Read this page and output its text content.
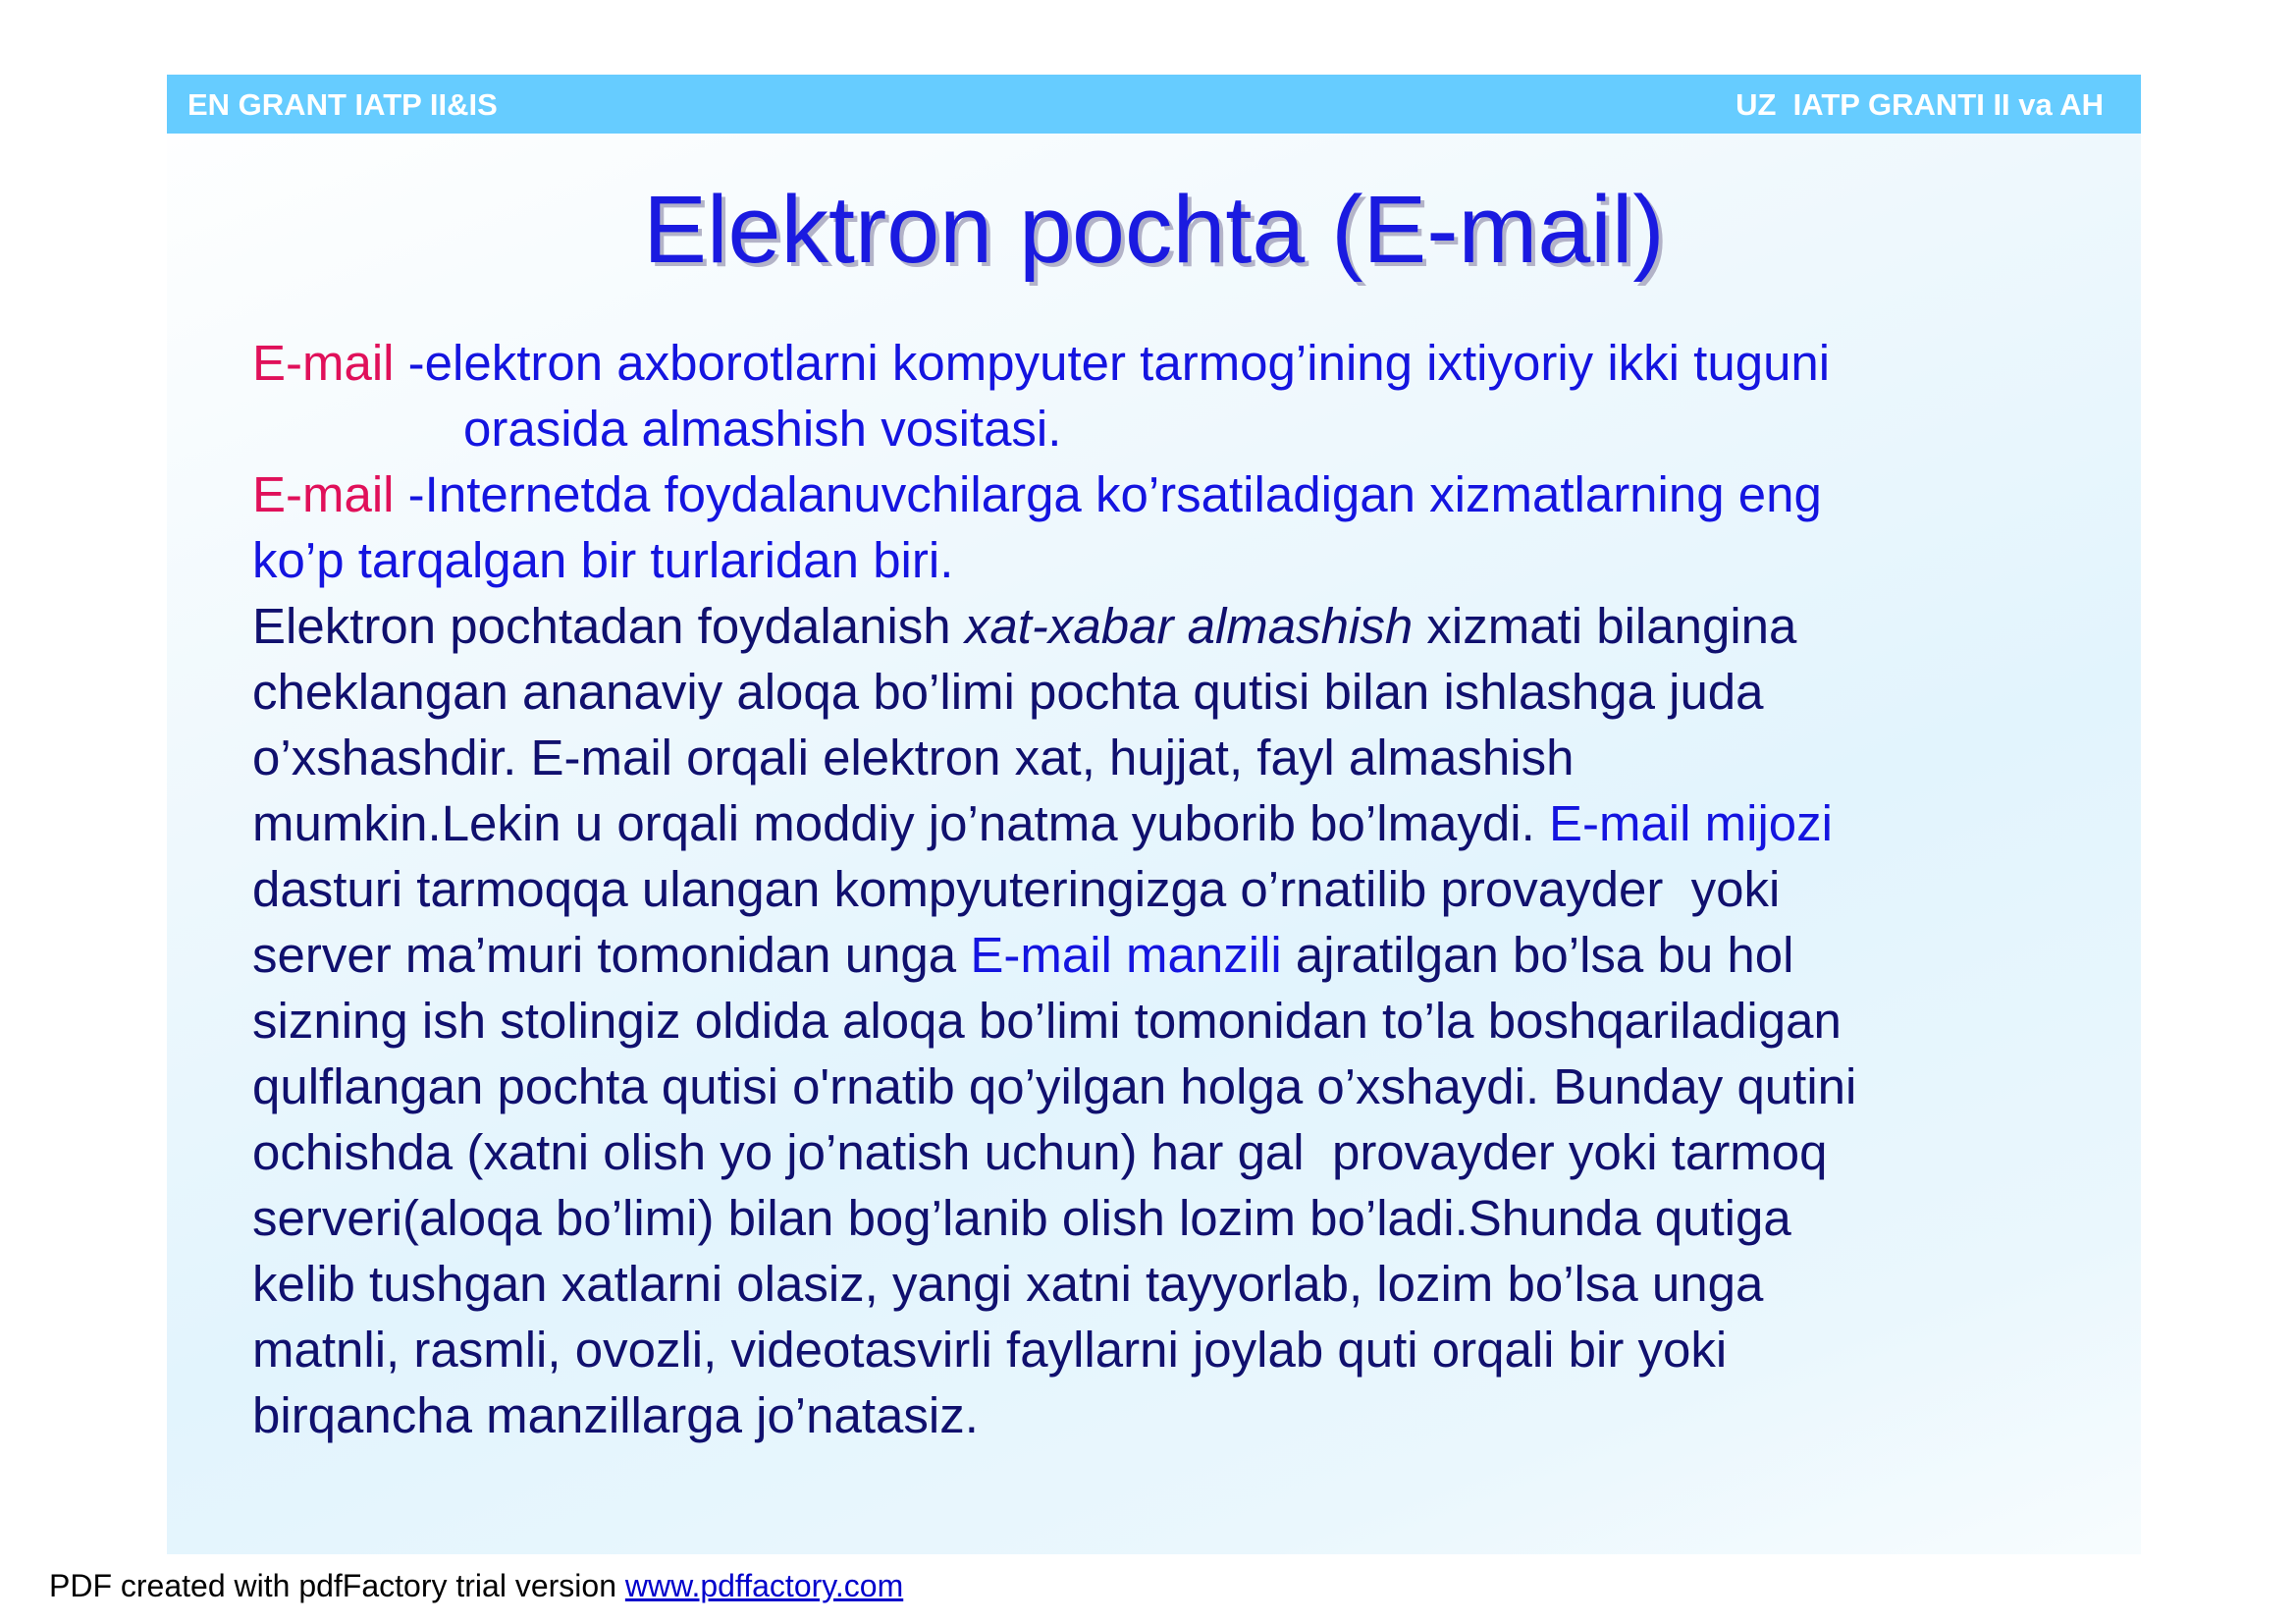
EN GRANT IATP II&IS	UZ  IATP GRANTI II va AH
Elektron pochta (E-mail)

E-mail -elektron axborotlarni kompyuter tarmog’ining ixtiyoriy ikki tuguni

orasida almashish vositasi.

E-mail -Internetda foydalanuvchilarga ko’rsatiladigan xizmatlarning eng

ko’p tarqalgan bir turlaridan biri.

Elektron pochtadan foydalanish xat-xabar almashish xizmati bilangina
cheklangan ananaviy aloqa bo’limi pochta qutisi bilan ishlashga juda
o’xshashdir. E-mail orqali elektron xat, hujjat, fayl almashish
mumkin.Lekin u orqali moddiy jo’natma yuborib bo’lmaydi. E-mail mijozi
dasturi tarmoqqa ulangan kompyuteringizga o’rnatilib provayder  yoki
server ma’muri tomonidan unga E-mail manzili ajratilgan bo’lsa bu hol
sizning ish stolingiz oldida aloqa bo’limi tomonidan to’la boshqariladigan
qulflangan pochta qutisi o'rnatib qo’yilgan holga o’xshaydi. Bunday qutini
ochishda (xatni olish yo jo’natish uchun) har gal  provayder yoki tarmoq
serveri(aloqa bo’limi) bilan bog’lanib olish lozim bo’ladi.Shunda qutiga
kelib tushgan xatlarni olasiz, yangi xatni tayyorlab, lozim bo’lsa unga
matnli, rasmli, ovozli, videotasvirli fayllarni joylab quti orqali bir yoki
birqancha manzillarga jo’natasiz.

PDF created with pdfFactory trial version www.pdffactory.com
